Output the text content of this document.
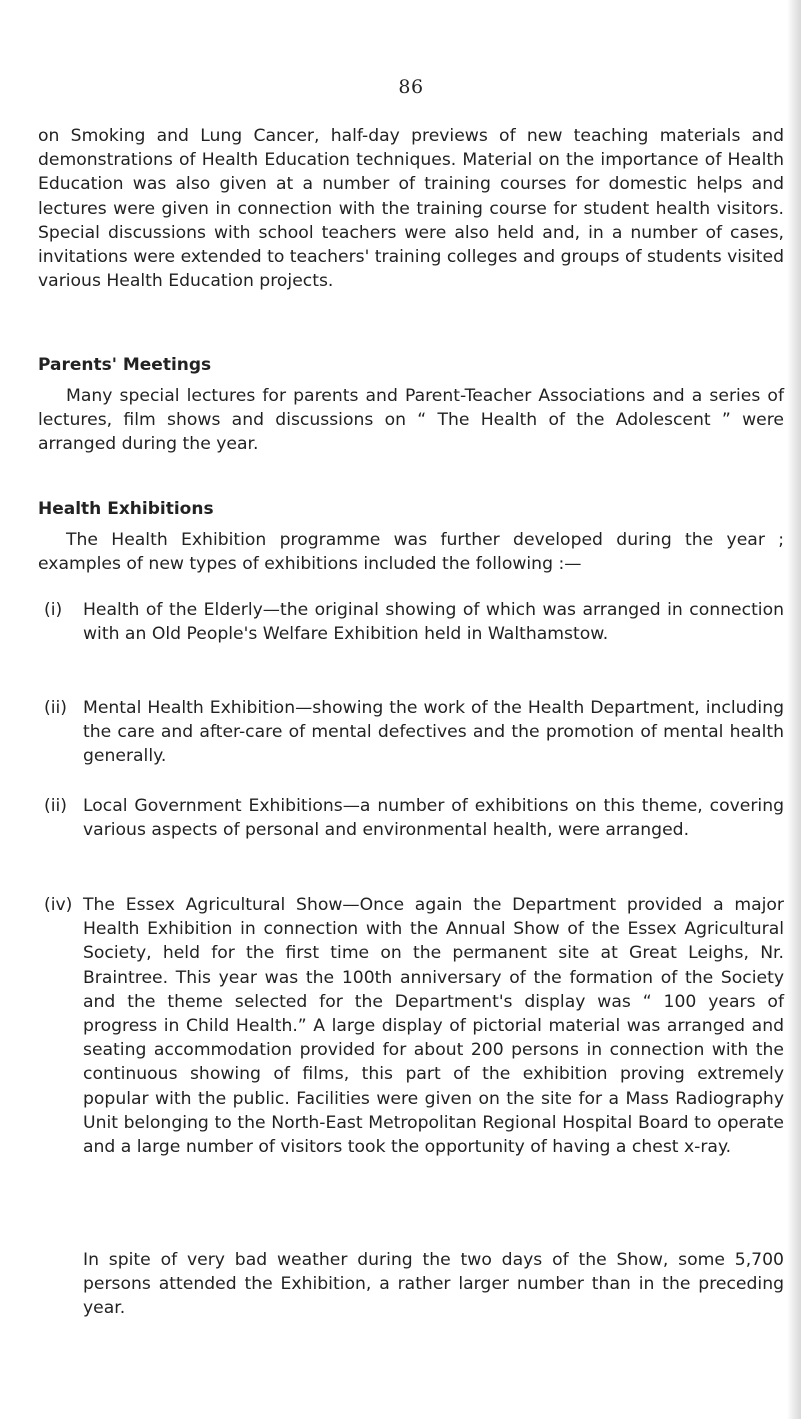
86

on Smoking and Lung Cancer, half-day previews of new teaching materials and demonstrations of Health Education techniques. Material on the importance of Health Education was also given at a number of training courses for domestic helps and lectures were given in connection with the training course for student health visitors. Special discussions with school teachers were also held and, in a number of cases, invitations were extended to teachers' training colleges and groups of students visited various Health Education projects.

Parents' Meetings

Many special lectures for parents and Parent-Teacher Associations and a series of lectures, film shows and discussions on “ The Health of the Adolescent ” were arranged during the year.

Health Exhibitions

The Health Exhibition programme was further developed during the year ; examples of new types of exhibitions included the following :—

(i)	Health of the Elderly—the original showing of which was arranged in connection with an Old People's Welfare Exhibition held in Walthamstow.

(ii) Mental Health Exhibition—showing the work of the Health Department, including the care and after-care of mental defectives and the promotion of mental health generally.

(ii) Local Government Exhibitions—a number of exhibitions on this theme, covering various aspects of personal and environmental health, were arranged.

(iv) The Essex Agricultural Show—Once again the Department provided a major Health Exhibition in connection with the Annual Show of the Essex Agricultural Society, held for the first time on the permanent site at Great Leighs, Nr. Braintree. This year was the 100th anniversary of the formation of the Society and the theme selected for the Department's display was “ 100 years of progress in Child Health.” A large display of pictorial material was arranged and seating accommodation provided for about 200 persons in connection with the continuous showing of films, this part of the exhibition proving extremely popular with the public. Facilities were given on the site for a Mass Radiography Unit belonging to the North-East Metropolitan Regional Hospital Board to operate and a large number of visitors took the opportunity of having a chest x-ray.

In spite of very bad weather during the two days of the Show, some 5,700 persons attended the Exhibition, a rather larger number than in the preceding year.
